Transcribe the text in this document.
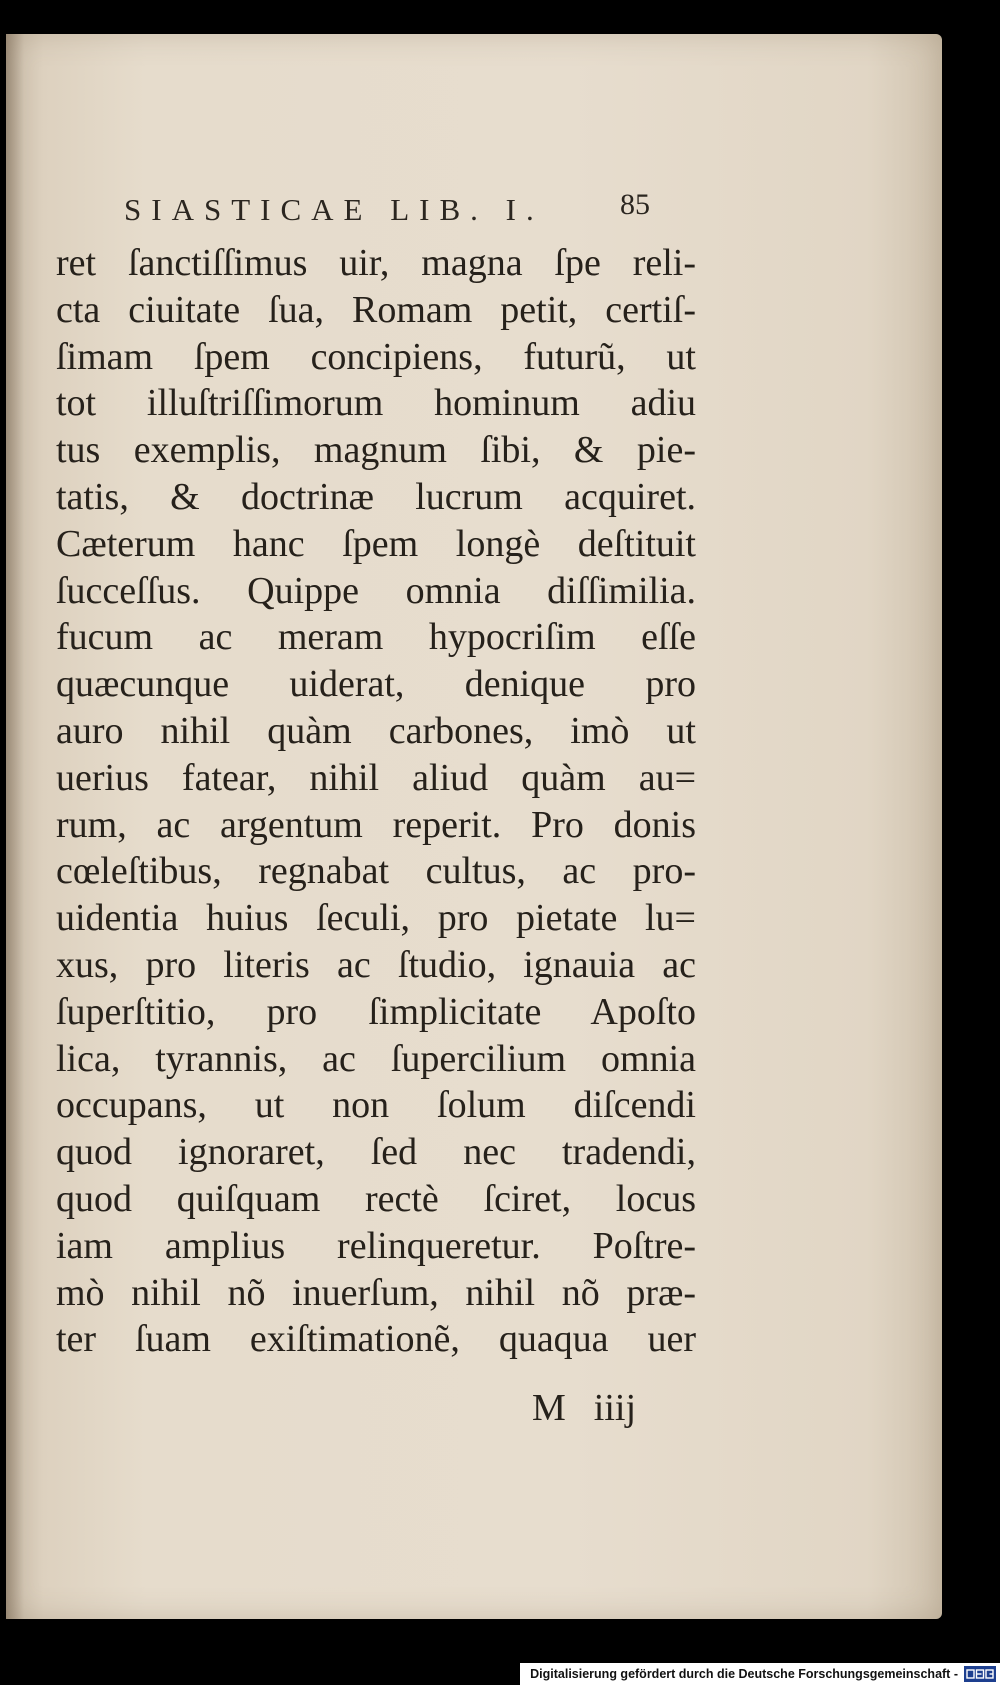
SIASTICAE LIB. I.	85
ret ſanctiſſimus uir, magna ſpe reli-
cta ciuitate ſua, Romam petit, certiſ-
ſimam ſpem concipiens, futurũ, ut
tot illuſtriſſimorum hominum adiu
tus exemplis, magnum ſibi, & pie-
tatis, & doctrinæ lucrum acquiret.
Cæterum hanc ſpem longè deſtituit
ſucceſſus. Quippe omnia diſſimilia.
fucum ac meram hypocriſim eſſe
quæcunque uiderat, denique pro
auro nihil quàm carbones, imò ut
uerius fatear, nihil aliud quàm au=
rum, ac argentum reperit. Pro donis
cœleſtibus, regnabat cultus, ac pro-
uidentia huius ſeculi, pro pietate lu=
xus, pro literis ac ſtudio, ignauia ac
ſuperſtitio, pro ſimplicitate Apoſto
lica, tyrannis, ac ſupercilium omnia
occupans, ut non ſolum diſcendi
quod ignoraret, ſed nec tradendi,
quod quiſquam rectè ſciret, locus
iam amplius relinqueretur. Poſtre-
mò nihil nõ inuerſum, nihil nõ præ-
ter ſuam exiſtimationẽ, quaqua uer
M iiij
Digitalisierung gefördert durch die Deutsche Forschungsgemeinschaft -
